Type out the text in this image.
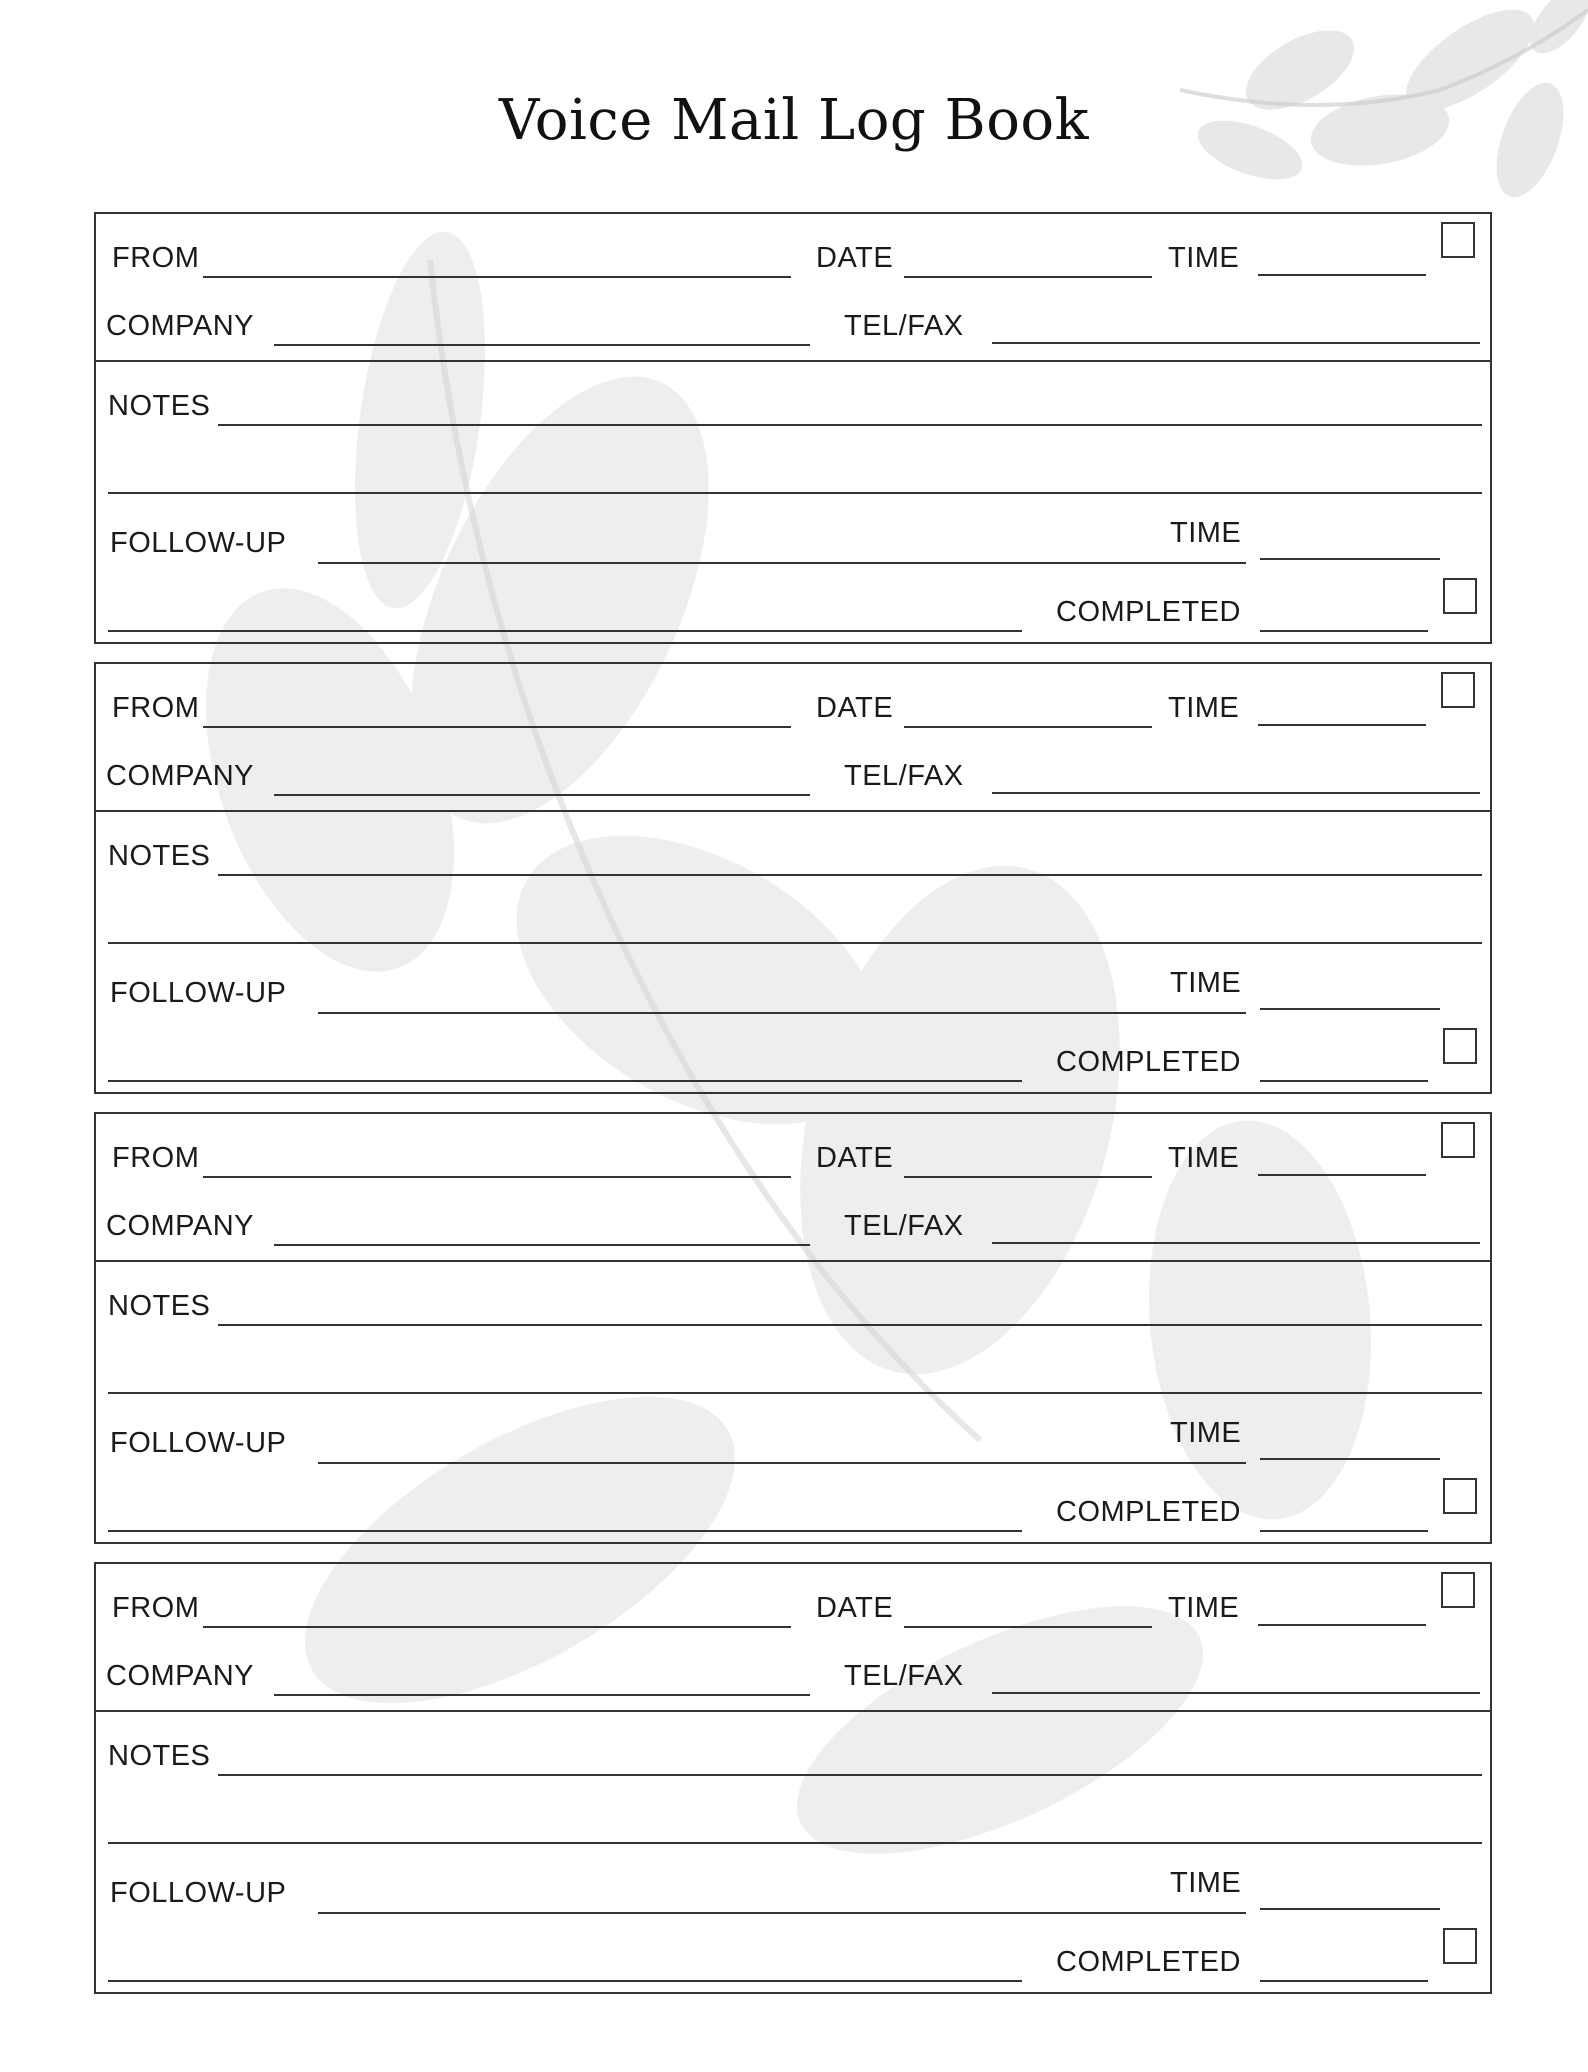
Voice Mail Log Book
FROM	DATE	TIME
COMPANY	TEL/FAX
NOTES
FOLLOW-UP	TIME
COMPLETED
FROM	DATE	TIME
COMPANY	TEL/FAX
NOTES
FOLLOW-UP	TIME
COMPLETED
FROM	DATE	TIME
COMPANY	TEL/FAX
NOTES
FOLLOW-UP	TIME
COMPLETED
FROM	DATE	TIME
COMPANY	TEL/FAX
NOTES
FOLLOW-UP	TIME
COMPLETED
